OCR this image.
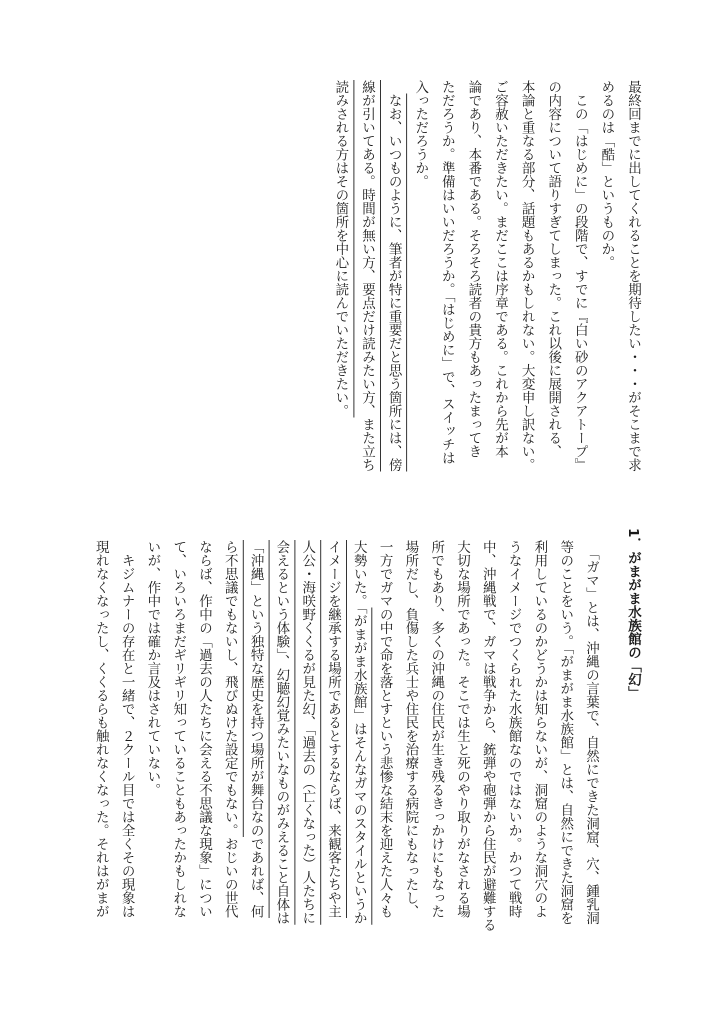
最終回までに出してくれることを期待したい・・・がそこまで求
めるのは「酷」というものか。
　この「はじめに」の段階で、すでに『白い砂のアクアトープ』
の内容について語りすぎてしまった。これ以後に展開される、
本論と重なる部分、話題もあるかもしれない。大変申し訳ない。
ご容赦いただきたい。まだここは序章である。これから先が本
論であり、本番である。そろそろ読者の貴方もあったまってき
ただろうか。準備はいいだろうか。「はじめに」で、スイッチは
入っただろうか。
　なお、いつものように、筆者が特に重要だと思う箇所には、傍
線が引いてある。時間が無い方、要点だけ読みたい方、また立ち
読みされる方はその箇所を中心に読んでいただきたい。
1．がまがま水族館の「幻」
　「ガマ」とは、沖縄の言葉で、自然にできた洞窟、穴、鍾乳洞
等のことをいう。「がまがま水族館」とは、自然にできた洞窟を
利用しているのかどうかは知らないが、洞窟のような洞穴のよ
うなイメージでつくられた水族館なのではないか。かつて戦時
中、沖縄戦で、ガマは戦争から、銃弾や砲弾から住民が避難する
大切な場所であった。そこでは生と死のやり取りがなされる場
所でもあり、多くの沖縄の住民が生き残るきっかけにもなった
場所だし、負傷した兵士や住民を治療する病院にもなったし、
一方でガマの中で命を落とすという悲惨な結末を迎えた人々も
大勢いた。「がまがま水族館」はそんなガマのスタイルというか
イメージを継承する場所であるとするならば、来観客たちや主
人公・海咲野くくるが見た幻、「過去の（亡くなった）人たちに
会えるという体験」、幻聴幻覚みたいなものがみえること自体は
「沖縄」という独特な歴史を持つ場所が舞台なのであれば、何
ら不思議でもないし、飛びぬけた設定でもない。おじいの世代
ならば、作中の「過去の人たちに会える不思議な現象」につい
て、いろいろまだギリギリ知っていることもあったかもしれな
いが、作中では確か言及はされていない。
　キジムナーの存在と一緒で、２クール目では全くその現象は
現れなくなったし、くくるらも触れなくなった。それはがまが
